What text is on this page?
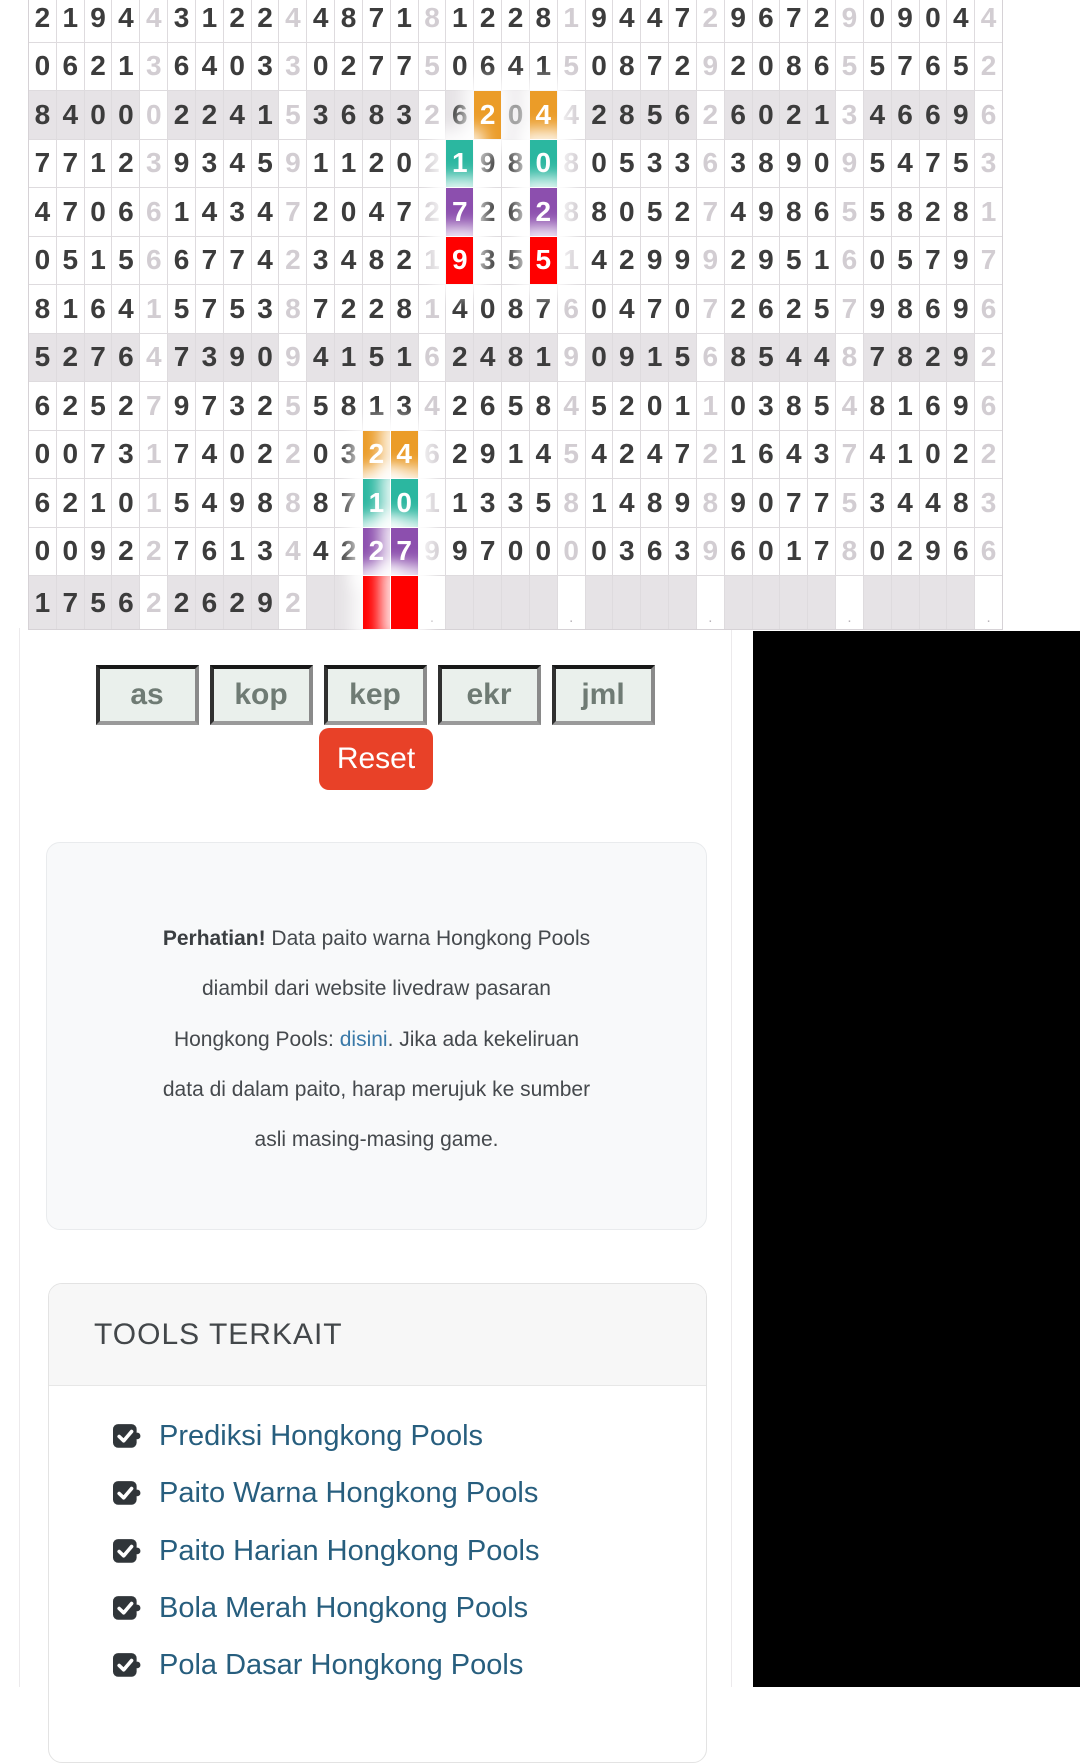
2 1 9 4 4 3 1 2 2 4 4 8 7 1 8 1 2 2 8 1 9 4 4 7 2 9 6 7 2 9 0 9 0 4 4
0 6 2 1 3 6 4 0 3 3 0 2 7 7 5 0 6 4 1 5 0 8 7 2 9 2 0 8 6 5 5 7 6 5 2
8 4 0 0 0 2 2 4 1 5 3 6 8 3 2 6 2 0 4 4 2 8 5 6 2 6 0 2 1 3 4 6 6 9 6
7 7 1 2 3 9 3 4 5 9 1 1 2 0 2 1 9 8 0 8 0 5 3 3 6 3 8 9 0 9 5 4 7 5 3
4 7 0 6 6 1 4 3 4 7 2 0 4 7 2 7 2 6 2 8 8 0 5 2 7 4 9 8 6 5 5 8 2 8 1
0 5 1 5 6 6 7 7 4 2 3 4 8 2 1 9 3 5 5 1 4 2 9 9 9 2 9 5 1 6 0 5 7 9 7
8 1 6 4 1 5 7 5 3 8 7 2 2 8 1 4 0 8 7 6 0 4 7 0 7 2 6 2 5 7 9 8 6 9 6
5 2 7 6 4 7 3 9 0 9 4 1 5 1 6 2 4 8 1 9 0 9 1 5 6 8 5 4 4 8 7 8 2 9 2
6 2 5 2 7 9 7 3 2 5 5 8 1 3 4 2 6 5 8 4 5 2 0 1 1 0 3 8 5 4 8 1 6 9 6
0 0 7 3 1 7 4 0 2 2 0 3 2 4 6 2 9 1 4 5 4 2 4 7 2 1 6 4 3 7 4 1 0 2 2
6 2 1 0 1 5 4 9 8 8 8 7 1 0 1 1 3 3 5 8 1 4 8 9 8 9 0 7 7 5 3 4 4 8 3
0 0 9 2 2 7 6 1 3 4 4 2 2 7 9 9 7 0 0 0 0 3 6 3 9 6 0 1 7 8 0 2 9 6 6
1 7 5 6 2 2 6 2 9 2	.	.	.	.	.
as	kop	kep	ekr	jml
Reset
Perhatian! Data paito warna Hongkong Pools
diambil dari website livedraw pasaran
Hongkong Pools: disini. Jika ada kekeliruan
data di dalam paito, harap merujuk ke sumber
asli masing-masing game.
TOOLS TERKAIT
Prediksi Hongkong Pools
Paito Warna Hongkong Pools
Paito Harian Hongkong Pools
Bola Merah Hongkong Pools
Pola Dasar Hongkong Pools
